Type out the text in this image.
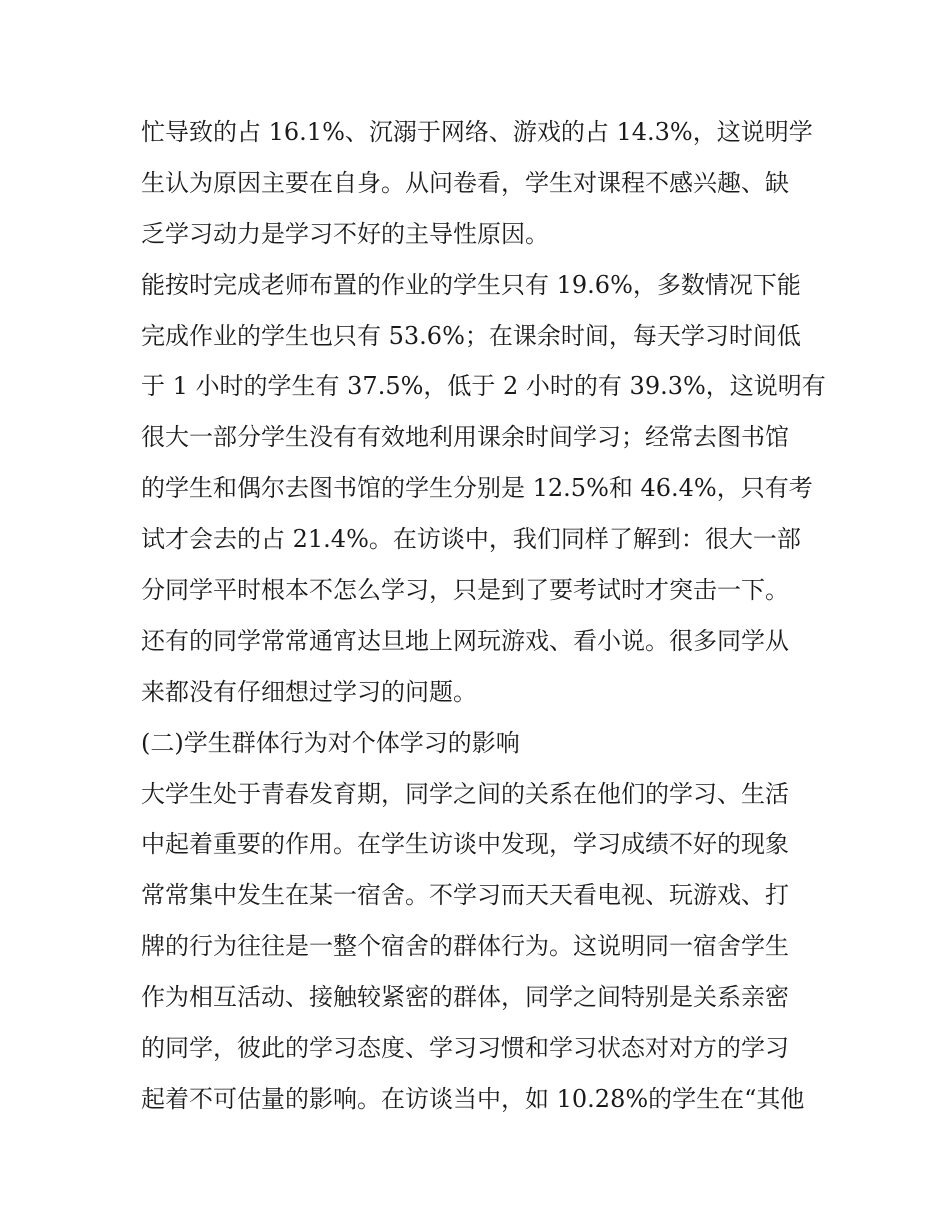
忙导致的占 16.1%、沉溺于网络、游戏的占 14.3%，这说明学
生认为原因主要在自身。从问卷看，学生对课程不感兴趣、缺
乏学习动力是学习不好的主导性原因。
能按时完成老师布置的作业的学生只有 19.6%，多数情况下能
完成作业的学生也只有 53.6%；在课余时间，每天学习时间低
于 1 小时的学生有 37.5%，低于 2 小时的有 39.3%，这说明有
很大一部分学生没有有效地利用课余时间学习；经常去图书馆
的学生和偶尔去图书馆的学生分别是 12.5%和 46.4%，只有考
试才会去的占 21.4%。在访谈中，我们同样了解到：很大一部
分同学平时根本不怎么学习，只是到了要考试时才突击一下。
还有的同学常常通宵达旦地上网玩游戏、看小说。很多同学从
来都没有仔细想过学习的问题。
(二)学生群体行为对个体学习的影响
大学生处于青春发育期，同学之间的关系在他们的学习、生活
中起着重要的作用。在学生访谈中发现，学习成绩不好的现象
常常集中发生在某一宿舍。不学习而天天看电视、玩游戏、打
牌的行为往往是一整个宿舍的群体行为。这说明同一宿舍学生
作为相互活动、接触较紧密的群体，同学之间特别是关系亲密
的同学，彼此的学习态度、学习习惯和学习状态对对方的学习
起着不可估量的影响。在访谈当中，如 10.28%的学生在“其他
